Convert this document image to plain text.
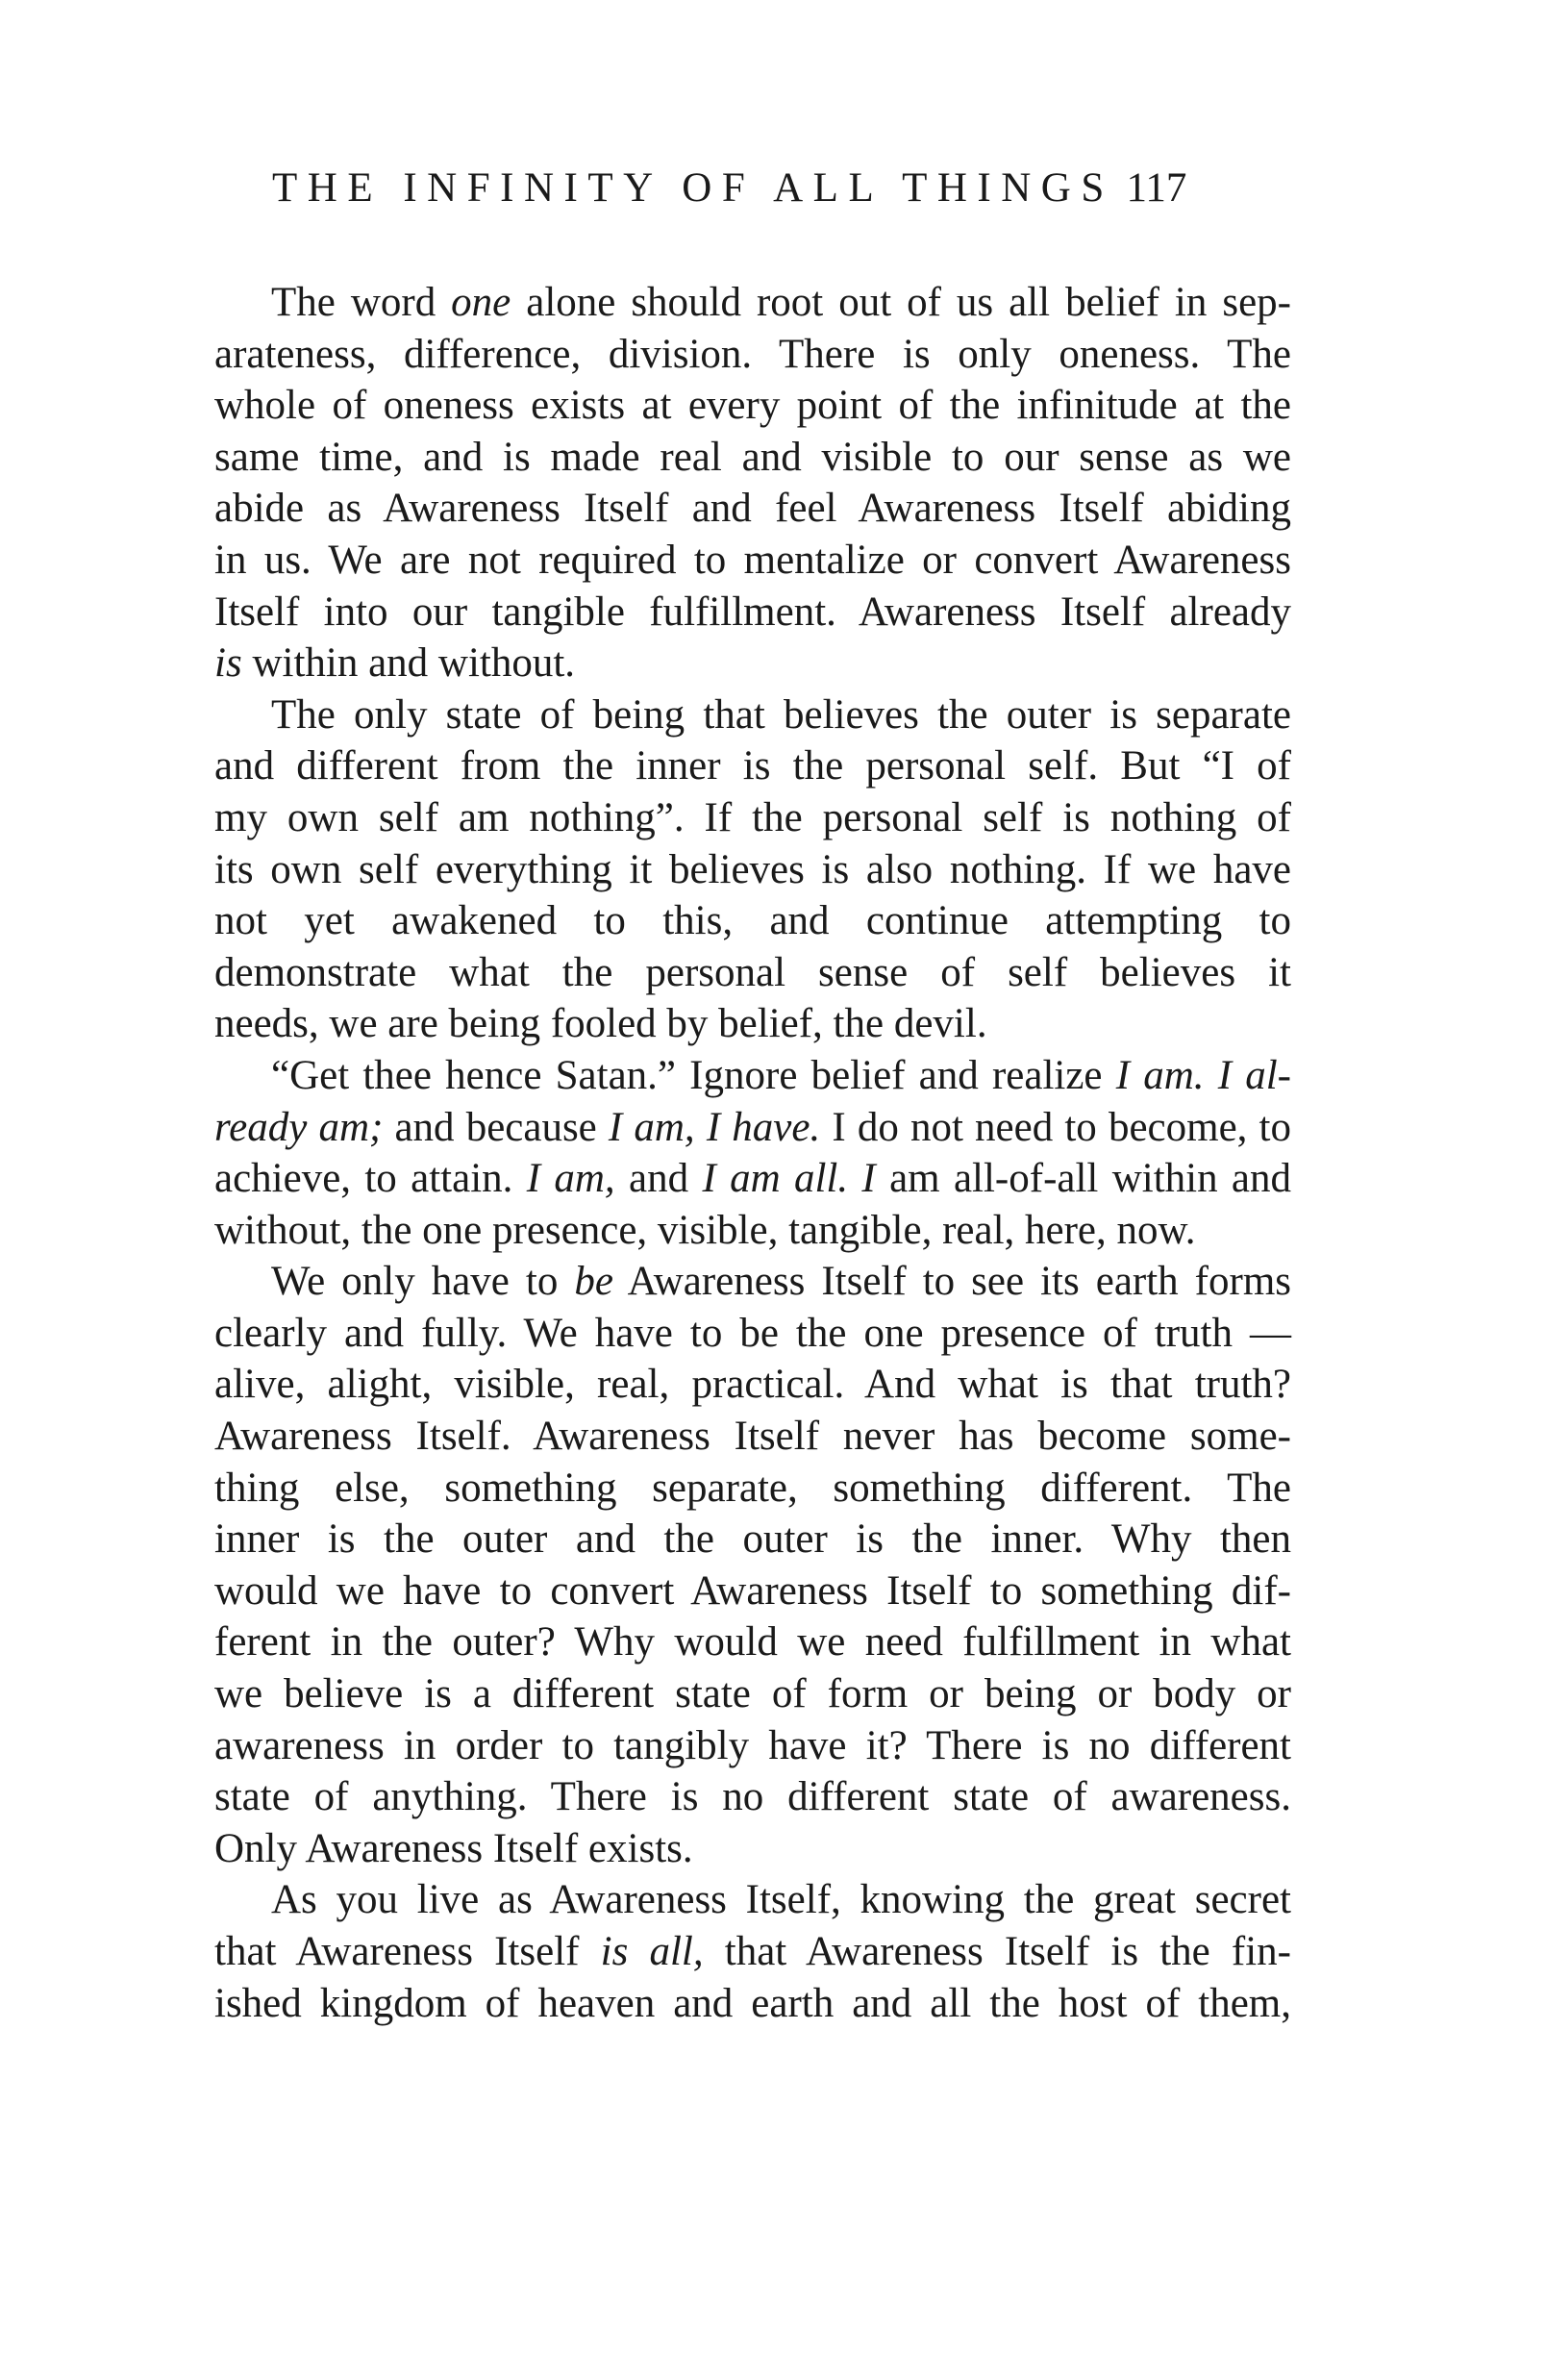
THE INFINITY OF ALL THINGS 117
The word one alone should root out of us all belief in sep-
arateness, difference, division. There is only oneness. The
whole of oneness exists at every point of the infinitude at the
same time, and is made real and visible to our sense as we
abide as Awareness Itself and feel Awareness Itself abiding
in us. We are not required to mentalize or convert Awareness
Itself into our tangible fulfillment. Awareness Itself already
is within and without.
The only state of being that believes the outer is separate
and different from the inner is the personal self. But “I of
my own self am nothing”. If the personal self is nothing of
its own self everything it believes is also nothing. If we have
not yet awakened to this, and continue attempting to
demonstrate what the personal sense of self believes it
needs, we are being fooled by belief, the devil.
“Get thee hence Satan.” Ignore belief and realize I am. I al-
ready am; and because I am, I have. I do not need to become, to
achieve, to attain. I am, and I am all. I am all-of-all within and
without, the one presence, visible, tangible, real, here, now.
We only have to be Awareness Itself to see its earth forms
clearly and fully. We have to be the one presence of truth —
alive, alight, visible, real, practical. And what is that truth?
Awareness Itself. Awareness Itself never has become some-
thing else, something separate, something different. The
inner is the outer and the outer is the inner. Why then
would we have to convert Awareness Itself to something dif-
ferent in the outer? Why would we need fulfillment in what
we believe is a different state of form or being or body or
awareness in order to tangibly have it? There is no different
state of anything. There is no different state of awareness.
Only Awareness Itself exists.
As you live as Awareness Itself, knowing the great secret
that Awareness Itself is all, that Awareness Itself is the fin-
ished kingdom of heaven and earth and all the host of them,
